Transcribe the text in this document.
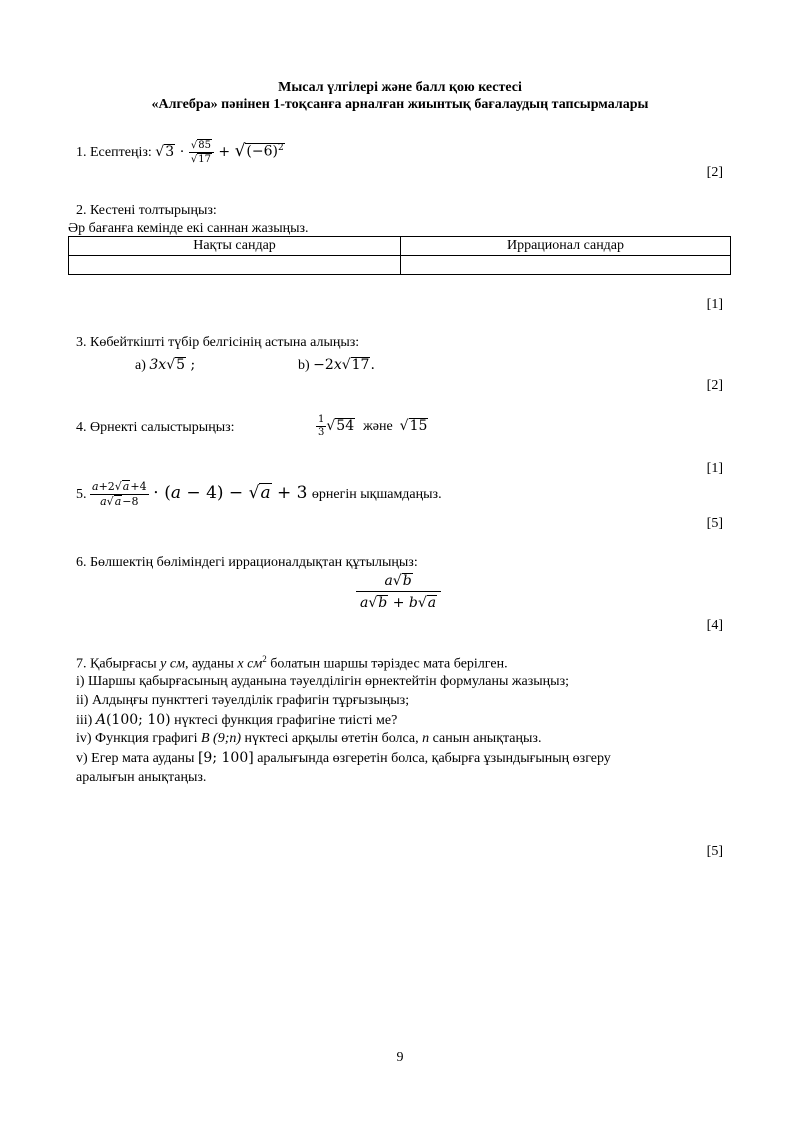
Мысал үлгілері және балл қою кестесі
«Алгебра» пәнінен 1-тоқсанға арналған жиынтық бағалаудың тапсырмалары
1. Есептеңіз: $√3 \cdot \frac{√85}{√17} + √(-6)^2$
[2]
2. Кестені толтырыңыз:
Әр бағанға кемінде екі саннан жазыңыз.
Нақты сандар	Иррационал сандар

[1]
3. Көбейткішті түбір белгісінің астына алыңыз:
a) 3x√5 ;	b) −2x√17.
[2]
4. Өрнекті салыстырыңыз:	$\frac{1}{3} √54$ және √15
[1]
5. $\frac{a+2√a+4}{a√a-8} \cdot (a - 4) - √a + 3$ өрнегін ықшамдаңыз.
[5]
6. Бөлшектің бөліміндегі иррационалдықтан құтылыңыз:
$\frac{a√b}{a√b + b√a}$
[4]
7. Қабырғасы у см, ауданы х $см^2$ болатын шаршы тәріздес мата берілген.
i) Шаршы қабырғасының ауданына тәуелділігін өрнектейтін формуланы жазыңыз;
ii) Алдыңғы пункттегі тәуелділік графигін тұрғызыңыз;
iii) A(100; 10) нүктесі функция графигіне тиісті ме?
iv) Функция графигі В (9;n) нүктесі арқылы өтетін болса, n санын анықтаңыз.
v) Егер мата ауданы [9; 100] аралығында өзгеретін болса, қабырға ұзындығының өзгеру
аралығын анықтаңыз.
[5]
9
